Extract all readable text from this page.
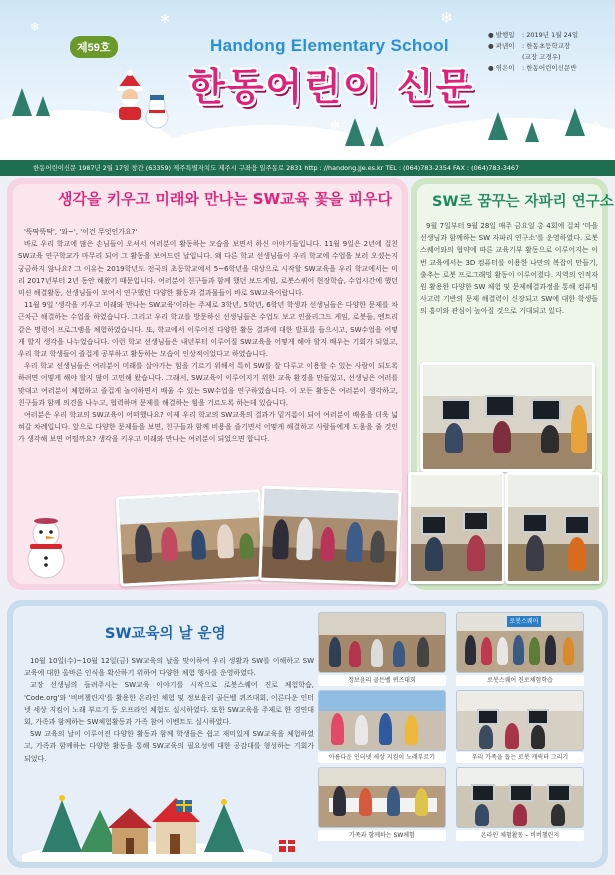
❄
✻	❄
✻	❄
제59호	Handong Elementary School
한동어린이 신문
● 발행일	: 2019년 1월 24일
● 펴낸이	: 한동초등학교장
(교장 고경우)
● 엮은이	: 한동어린이신문반
한동어린이신문 1987년 2월 17일 창간 (63359) 제주특별자치도 제주시 구좌읍 일주동로 2831 http : //handong.jje.es.kr TEL : (064)783-2354 FAX : (064)783-3467
생각을 키우고 미래와 만나는 SW교육 꽃을 피우다

'뚝딱뚝딱', '와~', '이건 무엇인가요?'

바로 우리 학교에 많은 손님들이 오셔서 여러분이 활동하는 모습을 보면서 하신 이야기들입니다. 11월 9일은 2년에 걸친 SW교육 연구학교가 마무리 되어 그 활동을 보여드린 날입니다. 왜 다른 학교 선생님들이 우리 학교에 수업을 보러 오셨는지 궁금하지 않나요? 그 이유는 2019학년도 전국의 초등학교에서 5~6학년을 대상으로 시작할 SW교육을 우리 학교에서는 미리 2017년부터 2년 동안 해왔기 때문입니다. 여러분이 친구들과 함께 했던 보드게임, 로봇스쿼어 현장학습, 수업시간에 했던 미션 해결활동, 선생님들이 모여서 연구했던 다양한 활동과 결과물들이 바로 SW교육이랍니다.

11월 9일 '생각을 키우고 미래와 만나는 SW교육'이라는 주제로 3학년, 5학년, 6학년 학생과 선생님들은 다양한 문제를 차근차근 해결하는 수업을 하였습니다. 그리고 우리 학교를 방문하신 선생님들은 수업도 보고 인플리그드 게임, 로봇들, 엔트리 같은 명령어 프로그램을 체험하였습니다. 또, 학교에서 이루어진 다양한 활동 결과에 대한 발표를 들으시고, SW수업을 어떻게 할지 생각을 나누었습니다. 이런 학교 선생님들은 내년부터 이루어질 SW교육을 어떻게 해야 할지 배우는 기회가 되었고, 우리 학교 학생들이 즐겁게 공부하고 활동하는 모습이 인상적이었다고 하였습니다.

우리 학교 선생님들은 여러분이 미래를 살아가는 힘을 기르기 위해서 특히 SW를 잘 다루고 이용할 수 있는 사람이 되도록 하려면 어떻게 해야 할지 많이 고민해 왔습니다. 그래서, SW교육이 이루어지기 위한 교육 환경을 만들었고, 선생님은 여러를 맞대고 여러분이 체험하고 즐겁게 놀이하면서 배울 수 있는 SW수업을 연구하였습니다. 이 모든 활동은 여러분이 생각하고, 친구들과 함께 의견을 나누고, 협력하며 문제를 해결하는 힘을 기르도록 하는데 있습니다.

여러분은 우리 학교의 SW교육이 어떠했나요? 이제 우리 학교의 SW교육의 결과가 밑거름이 되어 여러분이 배움을 더욱 넓혀갈 차례입니다. 앞으로 다양한 문제들을 보면, 친구들과 함께 비용을 즐기면서 어떻게 해결하고 사람들에게 도움을 줄 것인가 생각해 보면 어떨까요? 생각을 키우고 미래와 만나는 여러분이 되었으면 합니다.

SW로 꿈꾸는 자파리 연구소

9월 7일부터 9월 28일 매주 금요일 총 4회에 걸쳐 '마을 선생님과 함께하는 SW 자파리 연구소'를 운영하였다. 로봇스퀘어와의 협약에 따른 교육기부 활동으로 이루어지는 이번 교육에서는 3D 컴퓨터를 이용한 나만의 복잡이 만들기, 출추는 로봇 프로그래밍 활동이 이루어졌다. 지역의 인적자원 활용한 다양한 SW 체험 및 문제해결과정을 통해 컴퓨팅사고력 기반의 문제 해결력이 신장되고 SW에 대한 학생들의 흥미와 관심이 높아질 것으로 기대되고 있다.

SW교육의 날 운영

10월 10일(수)~10월 12일(금) SW교육의 날을 맞이하여 우리 생활과 SW를 이해하고 SW 교육에 대한 올바른 인식을 확산하기 위하여 다양한 체험 행사를 운영하였다.

교장 선생님의 들려주시는 SW교육 이야기를 시작으로 로봇스퀘어 진로 체험학습, 'Code.org'와 '비버챌린지'를 활용한 온라인 체험 및 정보윤리 골든벨 퀴즈대회, 이른다운 인터넷 세상 지킴이 노래 부르기 등 오프라인 체험도 실시하였다. 또한 SW교육을 주제로 한 경연대회, 가족과 함께하는 SW체험활동과 가족 참여 이벤트도 실시하였다.

SW 교육의 날이 이루어진 다양한 활동과 함께 학생들은 쉽고 재미있게 SW교육을 체험하였고, 가족과 함께하는 다양한 활동을 통해 SW교육의 필요성에 대한 공감대를 형성하는 기회가 되었다.

정보윤리 골든벨 퀴즈대회
로봇스퀘어
로봇스퀘어 진로체험학습
아름다운 인터넷 세상 지킴이 노래부르기	우리 가족을 돕는 로봇 캐릭터 그리기
가족과 함께하는 SW체험	온라인 체험활동 – 비버챌린지
